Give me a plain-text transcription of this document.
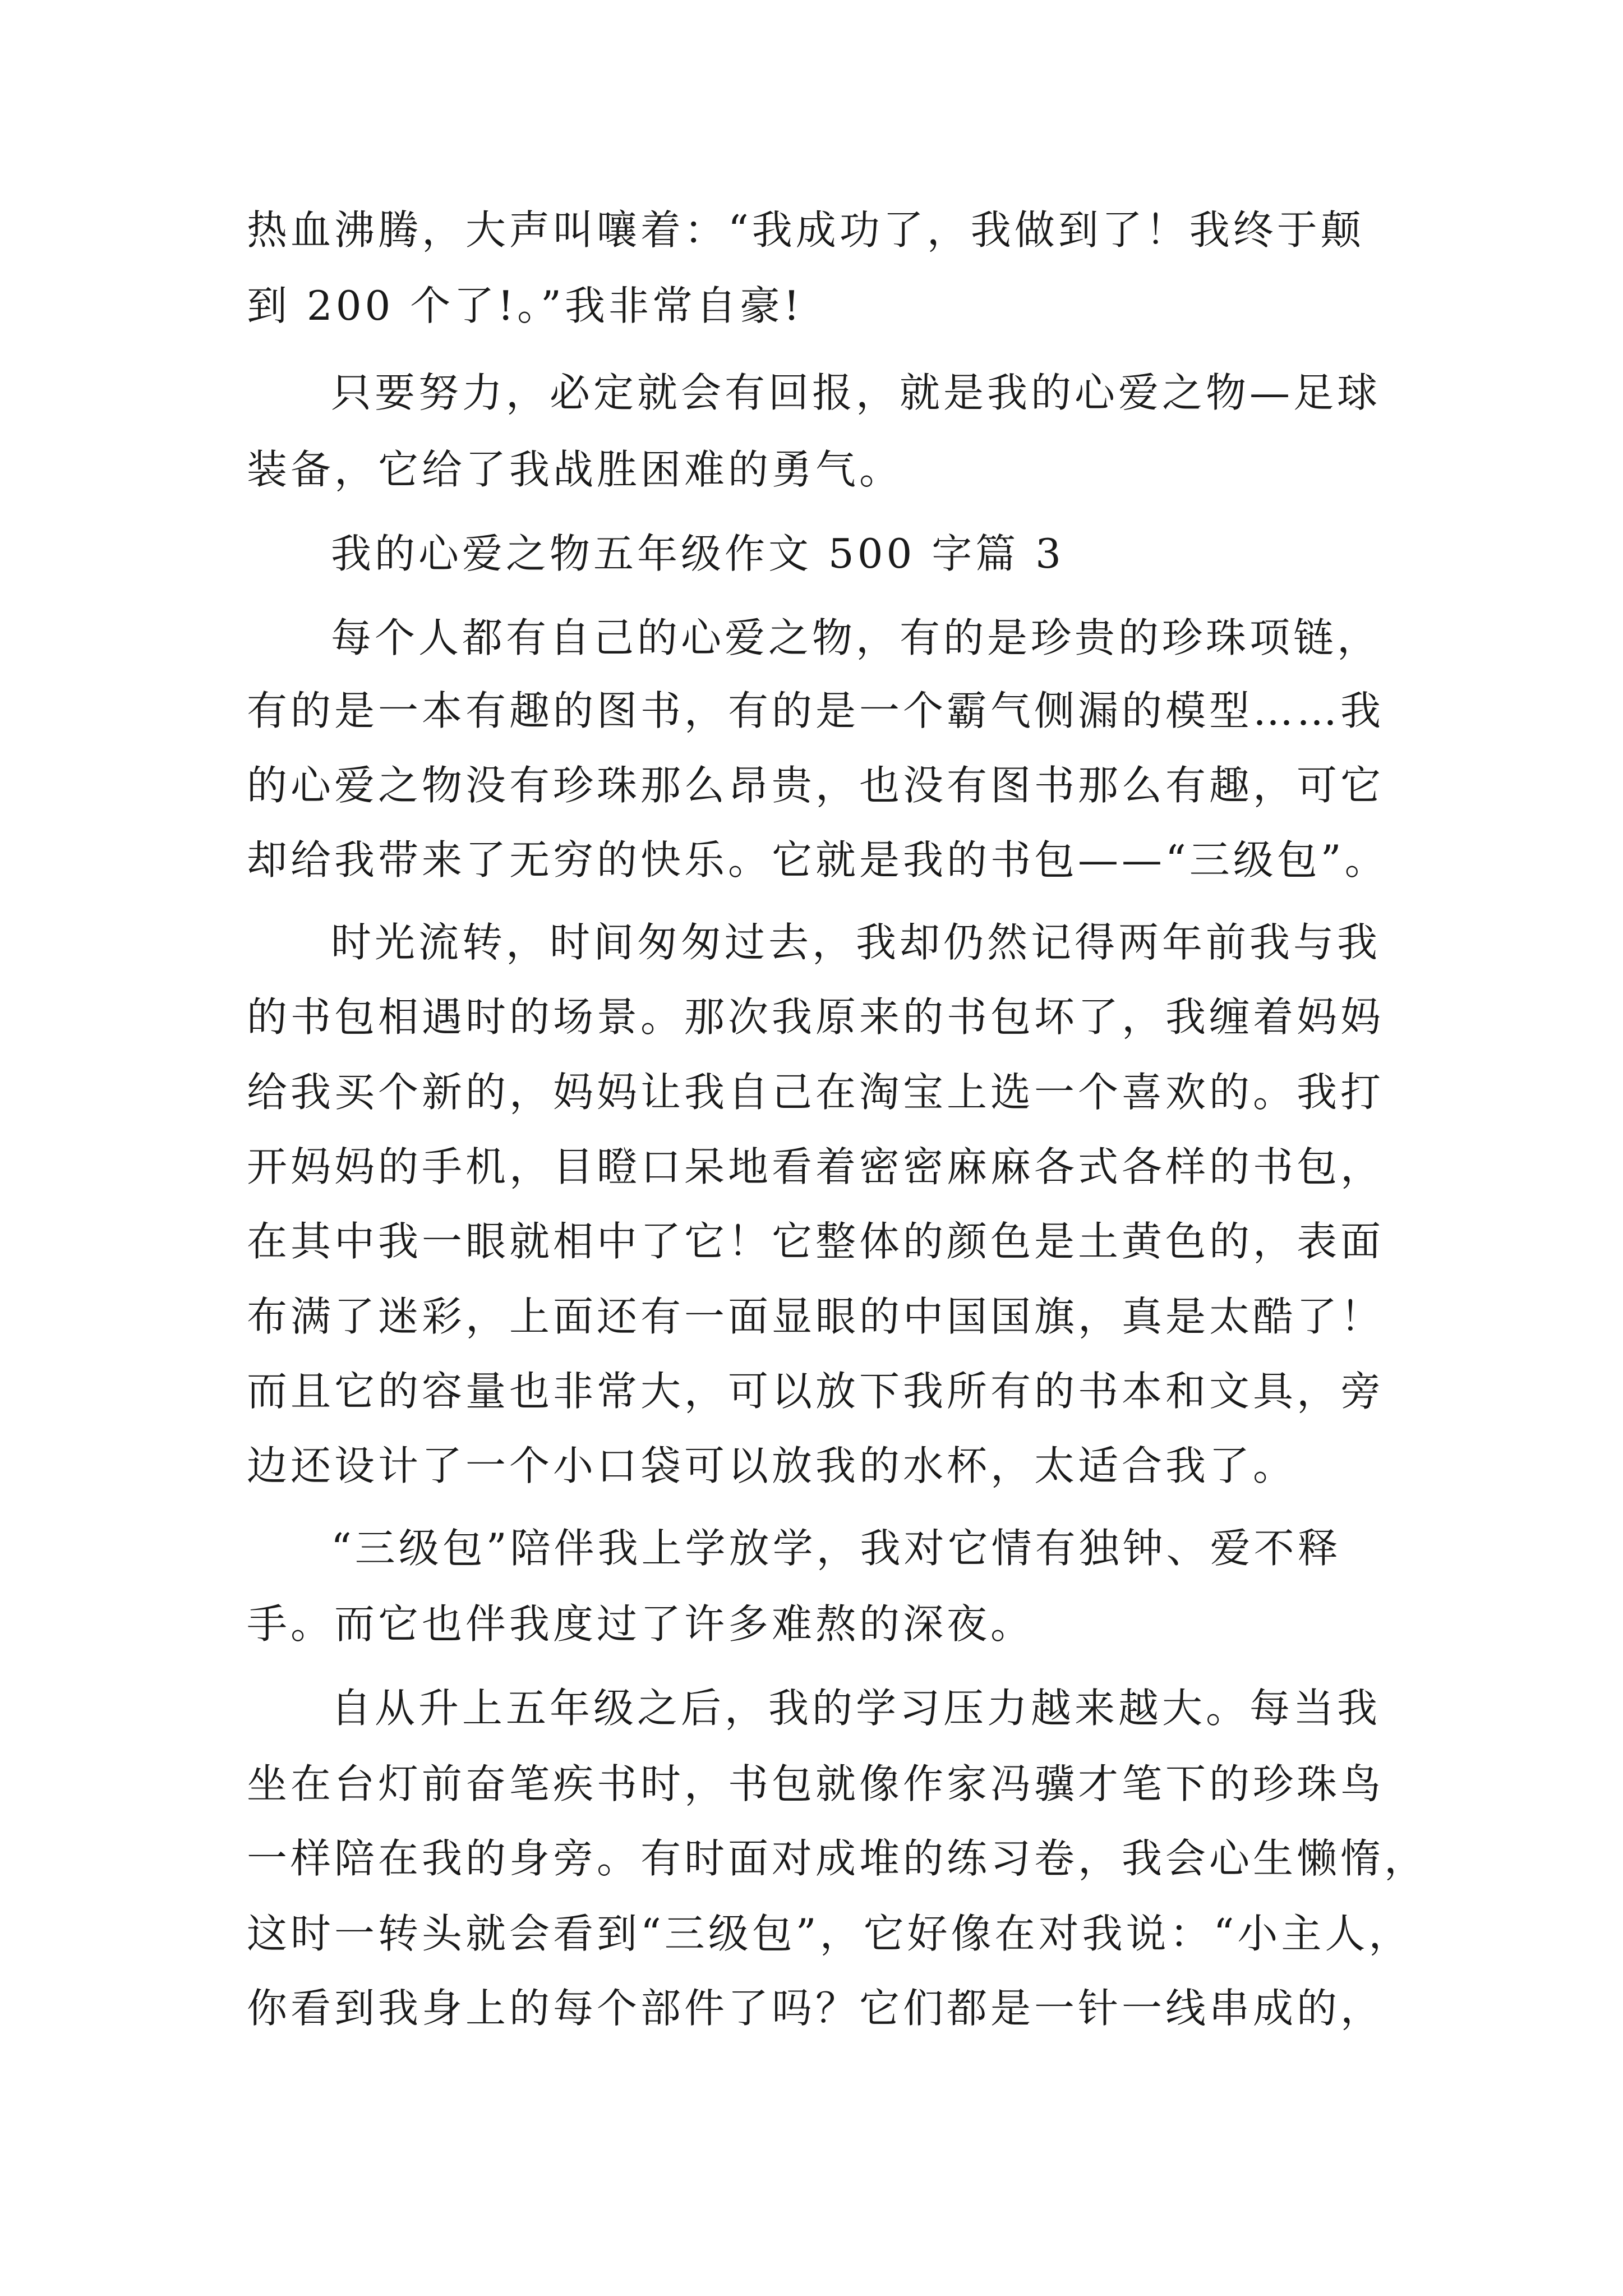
热血沸腾，大声叫嚷着：“我成功了，我做到了！我终于颠
到 200 个了!。”我非常自豪!
只要努力，必定就会有回报，就是我的心爱之物—足球
装备，它给了我战胜困难的勇气。
我的心爱之物五年级作文 500 字篇 3
每个人都有自己的心爱之物，有的是珍贵的珍珠项链，
有的是一本有趣的图书，有的是一个霸气侧漏的模型……我
的心爱之物没有珍珠那么昂贵，也没有图书那么有趣，可它
却给我带来了无穷的快乐。它就是我的书包——“三级包”。
时光流转，时间匆匆过去，我却仍然记得两年前我与我
的书包相遇时的场景。那次我原来的书包坏了，我缠着妈妈
给我买个新的，妈妈让我自己在淘宝上选一个喜欢的。我打
开妈妈的手机，目瞪口呆地看着密密麻麻各式各样的书包，
在其中我一眼就相中了它！它整体的颜色是土黄色的，表面
布满了迷彩，上面还有一面显眼的中国国旗，真是太酷了！
而且它的容量也非常大，可以放下我所有的书本和文具，旁
边还设计了一个小口袋可以放我的水杯，太适合我了。
“三级包”陪伴我上学放学，我对它情有独钟、爱不释
手。而它也伴我度过了许多难熬的深夜。
自从升上五年级之后，我的学习压力越来越大。每当我
坐在台灯前奋笔疾书时，书包就像作家冯骥才笔下的珍珠鸟
一样陪在我的身旁。有时面对成堆的练习卷，我会心生懒惰，
这时一转头就会看到“三级包”，它好像在对我说：“小主人，
你看到我身上的每个部件了吗？它们都是一针一线串成的，
